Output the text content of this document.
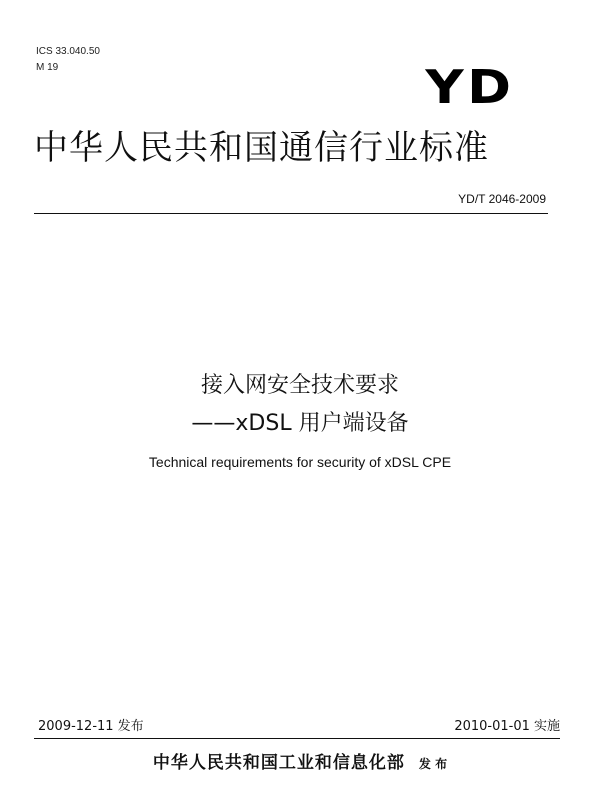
ICS 33.040.50
M 19	YD
中华人民共和国通信行业标准
YD/T 2046-2009
接入网安全技术要求
——xDSL 用户端设备
Technical requirements for security of xDSL CPE
2009-12-11 发布	2010-01-01 实施
中华人民共和国工业和信息化部 发 布
